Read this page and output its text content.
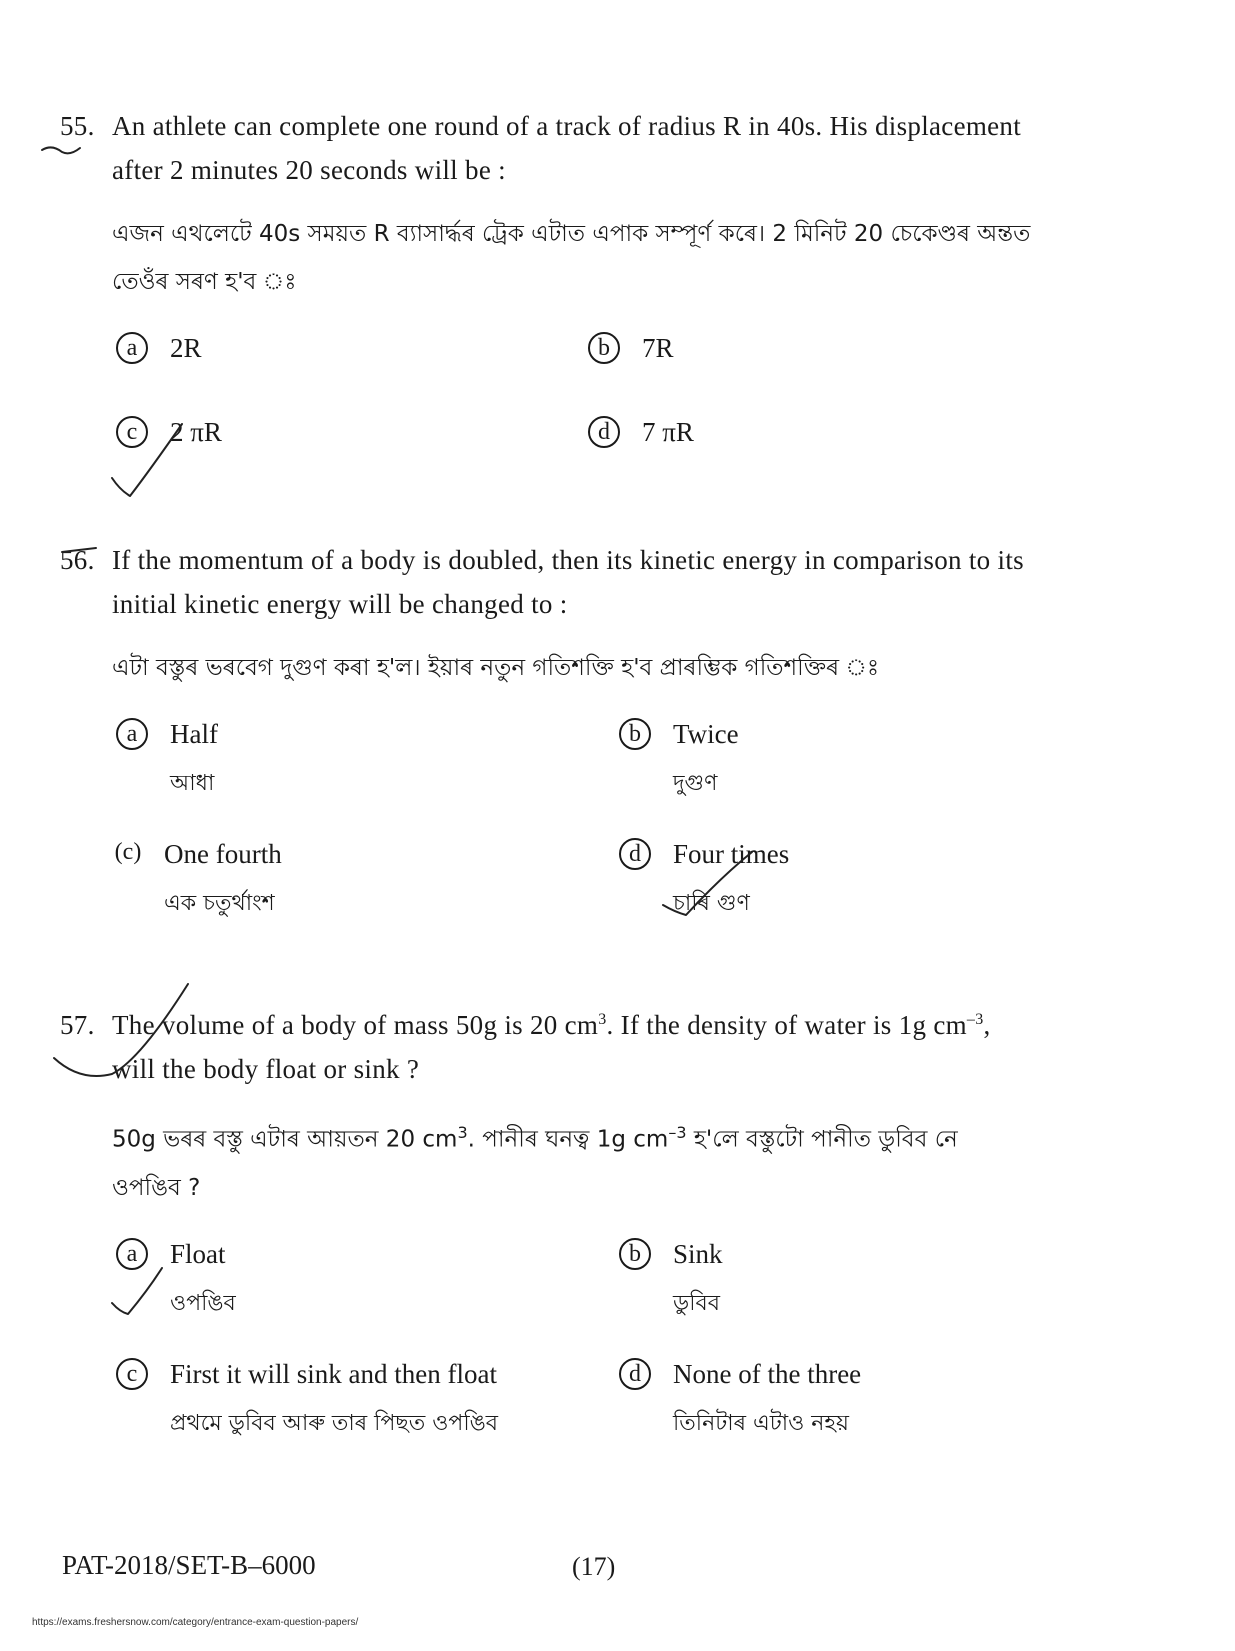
55. An athlete can complete one round of a track of radius R in 40s. His displacement
after 2 minutes 20 seconds will be :
এজন এথলেটে 40s সময়ত R ব্যাসাৰ্দ্ধৰ ট্ৰেক এটাত এপাক সম্পূৰ্ণ কৰে। 2 মিনিট 20 চেকেণ্ডৰ অন্তত
তেওঁৰ সৰণ হ'ব ঃ
a	2R	b	7R
c	2 πR	d	7 πR
56. If the momentum of a body is doubled, then its kinetic energy in comparison to its
initial kinetic energy will be changed to :
এটা বস্তুৰ ভৰবেগ দুগুণ কৰা হ'ল। ইয়াৰ নতুন গতিশক্তি হ'ব প্ৰাৰম্ভিক গতিশক্তিৰ ঃ
a	Half
আধা
b	Twice
দুগুণ
(c) One fourth
এক চতুৰ্থাংশ
d	Four times
চাৰি গুণ
57. The volume of a body of mass 50g is 20 $cm^3$. If the density of water is 1g $cm^{-3}$,
will the body float or sink ?
50g ভৰৰ বস্তু এটাৰ আয়তন 20 $cm^3$. পানীৰ ঘনত্ব 1g $cm^{-3}$ হ'লে বস্তুটো পানীত ডুবিব নে
ওপঙিব ?
a	Float
ওপঙিব
b	Sink
ডুবিব
c	First it will sink and then float
প্ৰথমে ডুবিব আৰু তাৰ পিছত ওপঙিব
d	None of the three
তিনিটাৰ এটাও নহয়
PAT-2018/SET-B–6000	(17)
https://exams.freshersnow.com/category/entrance-exam-question-papers/
